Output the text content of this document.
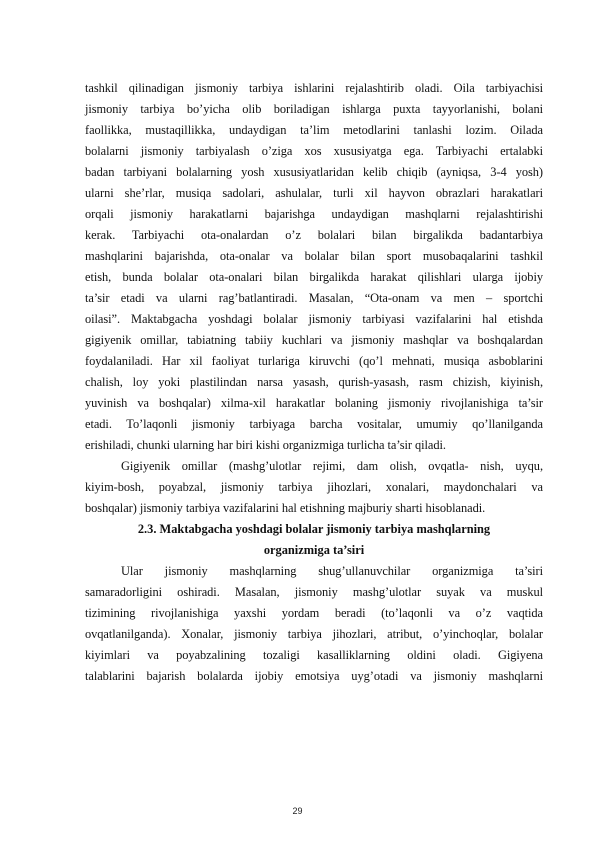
tashkil qilinadigan jismoniy tarbiya ishlarini rejalashtirib oladi. Oila tarbiyachisi
jismoniy tarbiya bo’yicha olib boriladigan ishlarga puxta tayyorlanishi, bolani
faollikka, mustaqillikka, undaydigan ta’lim metodlarini tanlashi lozim. Oilada
bolalarni jismoniy tarbiyalash o’ziga xos xususiyatga ega. Tarbiyachi ertalabki
badan tarbiyani bolalarning yosh xususiyatlaridan kelib chiqib (ayniqsa, 3-4 yosh)
ularni she’rlar, musiqa sadolari, ashulalar, turli xil hayvon obrazlari harakatlari
orqali jismoniy harakatlarni bajarishga undaydigan mashqlarni rejalashtirishi
kerak. Tarbiyachi ota-onalardan o’z bolalari bilan birgalikda badantarbiya
mashqlarini bajarishda, ota-onalar va bolalar bilan sport musobaqalarini tashkil
etish, bunda bolalar ota-onalari bilan birgalikda harakat qilishlari ularga ijobiy
ta’sir etadi va ularni rag’batlantiradi. Masalan, “Ota-onam va men – sportchi
oilasi”. Maktabgacha yoshdagi bolalar jismoniy tarbiyasi vazifalarini hal etishda
gigiyenik omillar, tabiatning tabiiy kuchlari va jismoniy mashqlar va boshqalardan
foydalaniladi. Har xil faoliyat turlariga kiruvchi (qo’l mehnati, musiqa asboblarini
chalish, loy yoki plastilindan narsa yasash, qurish-yasash, rasm chizish, kiyinish,
yuvinish va boshqalar) xilma-xil harakatlar bolaning jismoniy rivojlanishiga ta’sir
etadi. To’laqonli jismoniy tarbiyaga barcha vositalar, umumiy qo’llanilganda
erishiladi, chunki ularning har biri kishi organizmiga turlicha ta’sir qiladi.
Gigiyenik omillar (mashg’ulotlar rejimi, dam olish, ovqatla- nish, uyqu,
kiyim-bosh, poyabzal, jismoniy tarbiya jihozlari, xonalari, maydonchalari va
boshqalar) jismoniy tarbiya vazifalarini hal etishning majburiy sharti hisoblanadi.
2.3. Maktabgacha yoshdagi bolalar jismoniy tarbiya mashqlarning
organizmiga ta’siri
Ular jismoniy mashqlarning shug’ullanuvchilar organizmiga ta’siri
samaradorligini oshiradi. Masalan, jismoniy mashg’ulotlar suyak va muskul
tizimining rivojlanishiga yaxshi yordam beradi (to’laqonli va o’z vaqtida
ovqatlanilganda). Xonalar, jismoniy tarbiya jihozlari, atribut, o’yinchoqlar, bolalar
kiyimlari va poyabzalining tozaligi kasalliklarning oldini oladi. Gigiyena
talablarini bajarish bolalarda ijobiy emotsiya uyg’otadi va jismoniy mashqlarni
29
